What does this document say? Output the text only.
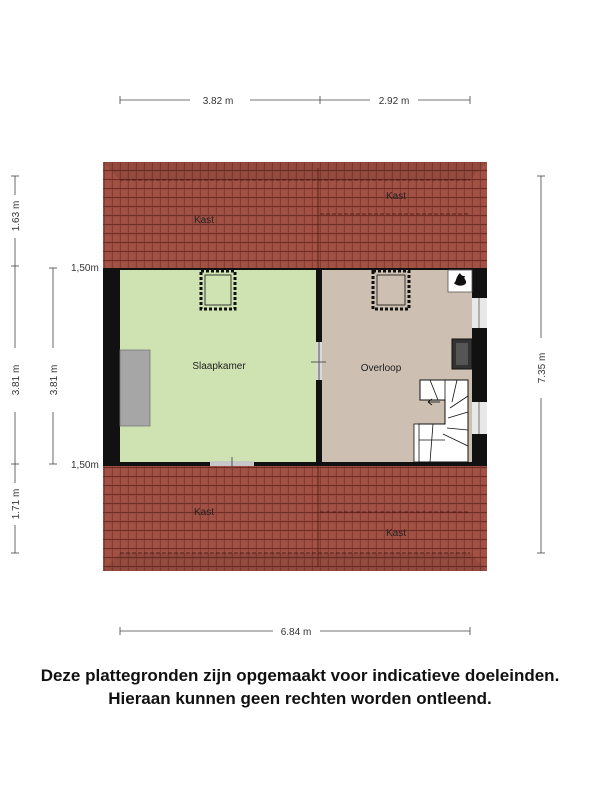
Kast
Kast
Slaapkamer	Overloop
Kast
Kast
3.82 m	2.92 m
6.84 m
1.63 m
3.81 m
1.71 m
3.81 m
1,50m
1,50m
7.35 m
Deze plattegronden zijn opgemaakt voor indicatieve doeleinden.
Hieraan kunnen geen rechten worden ontleend.
